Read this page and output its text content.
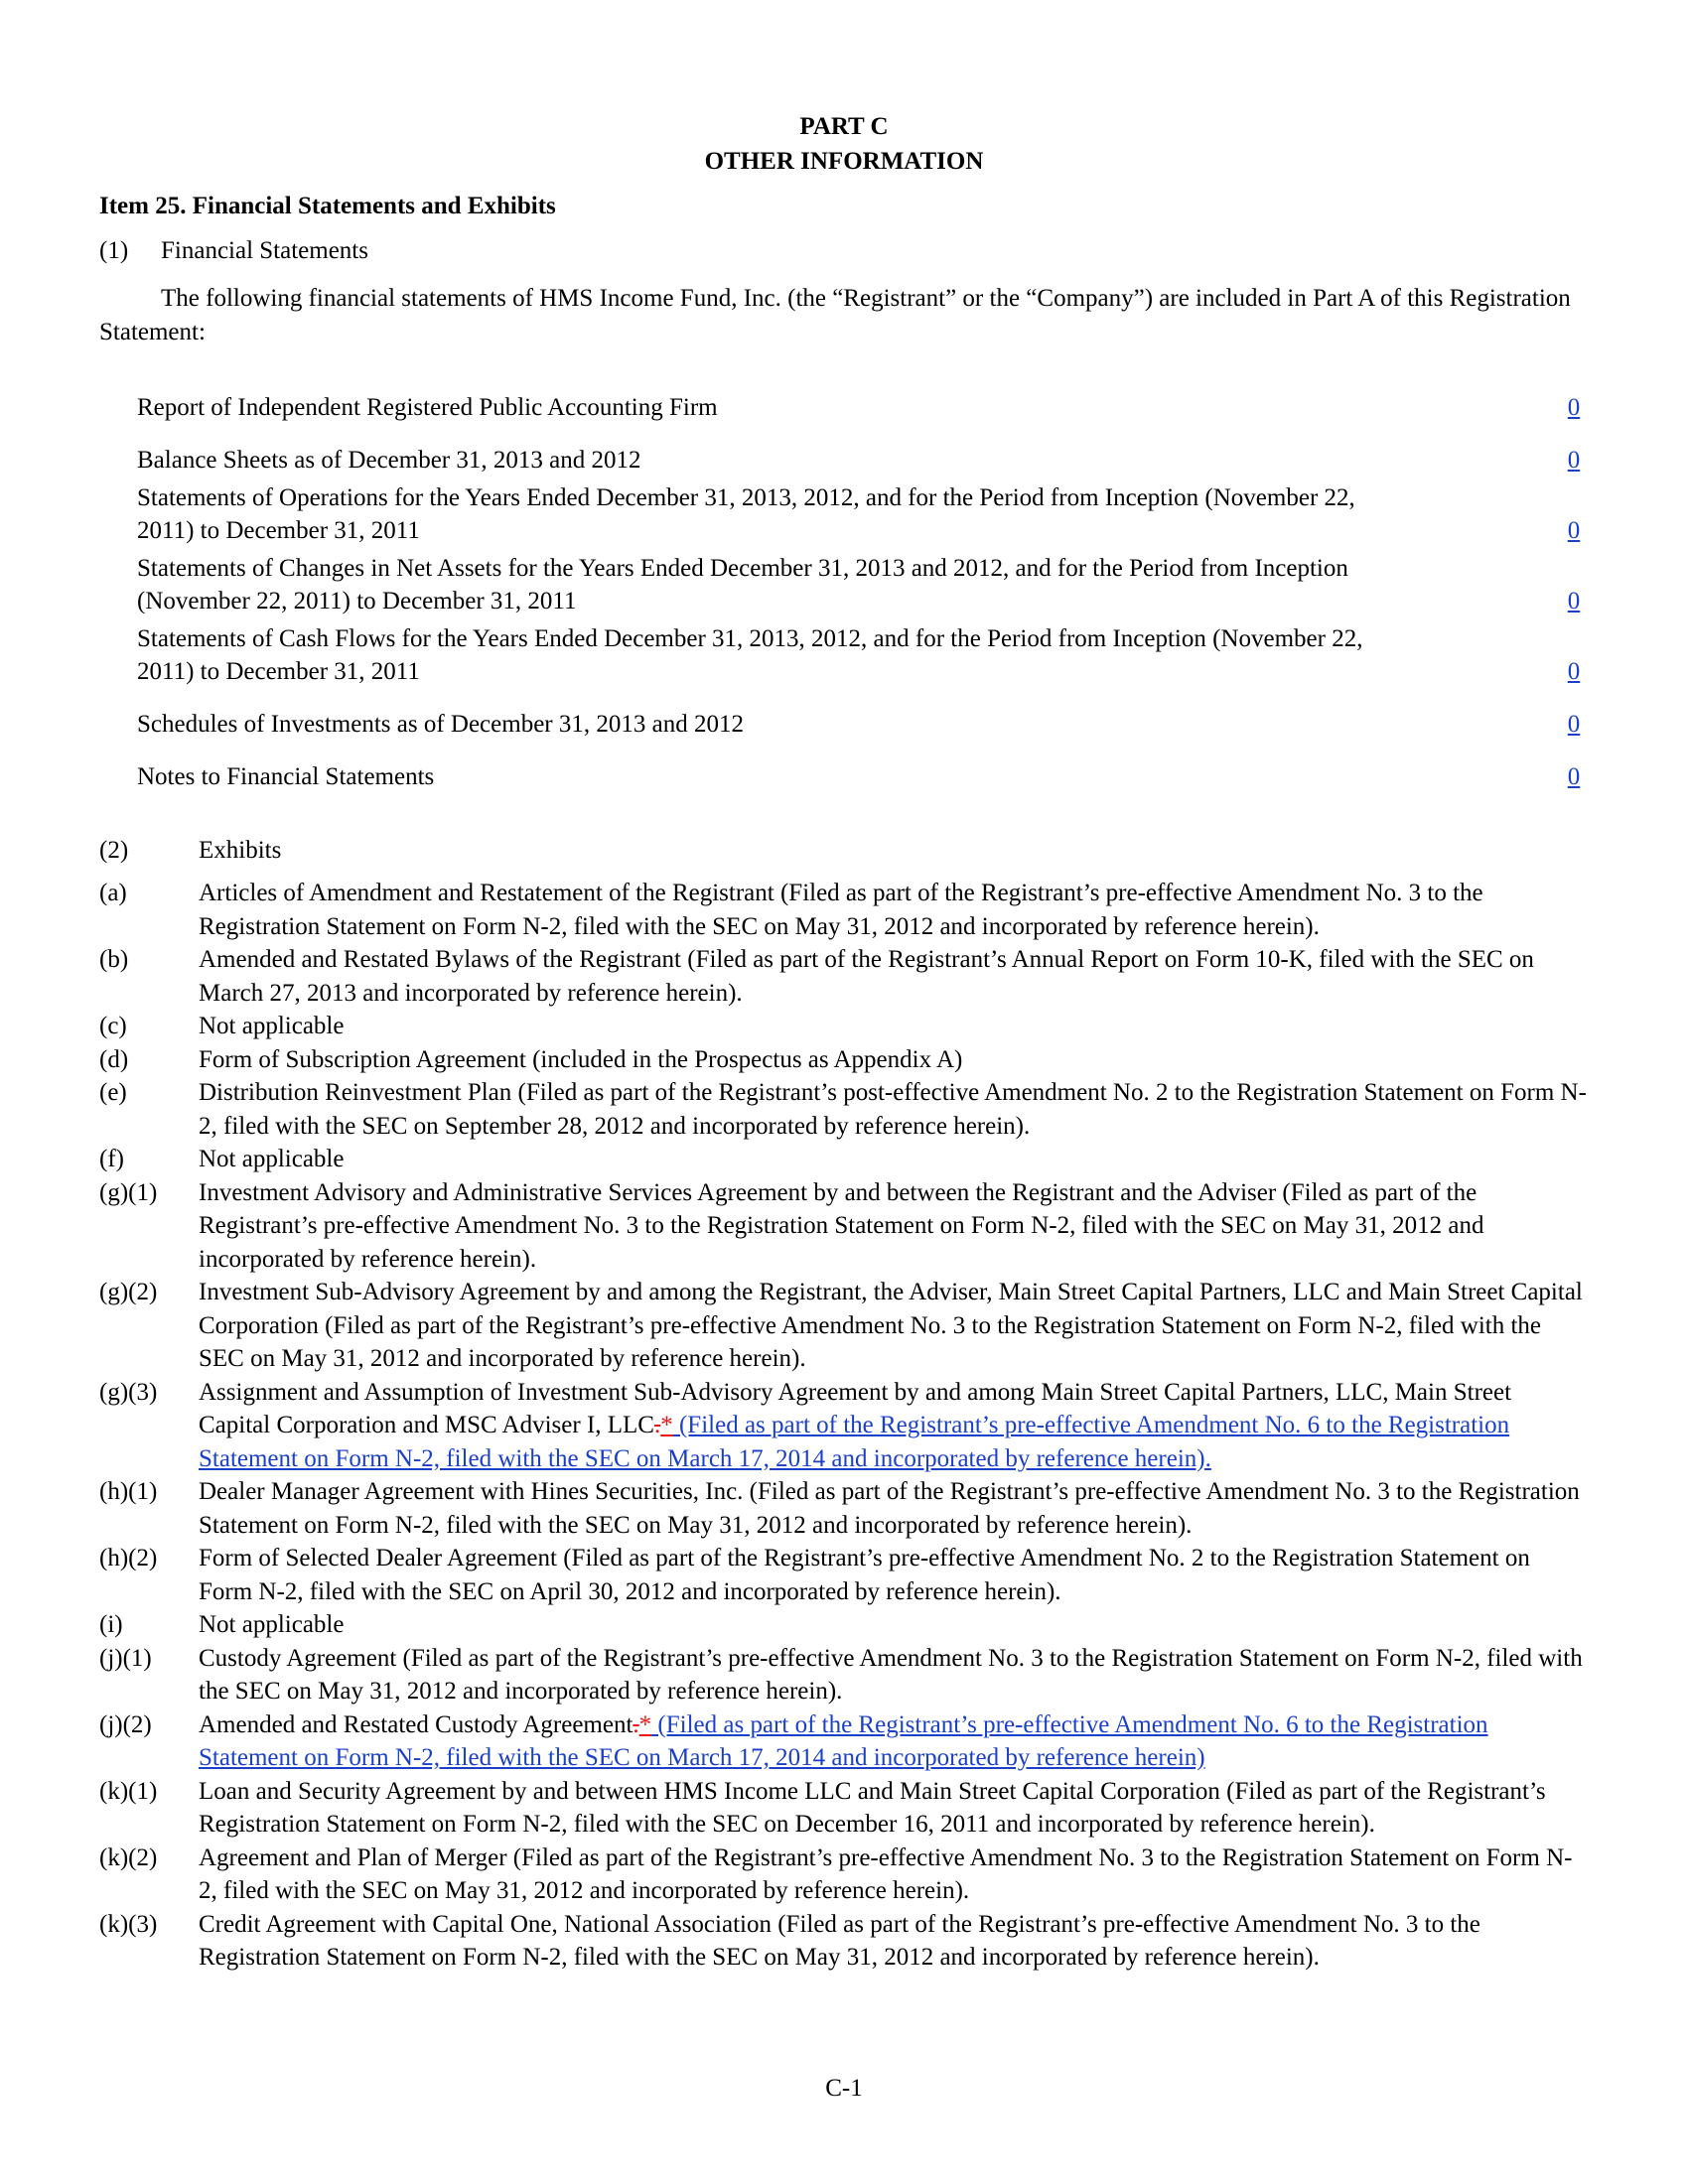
PART C
OTHER INFORMATION
Item 25. Financial Statements and Exhibits
(1)	Financial Statements
The following financial statements of HMS Income Fund, Inc. (the “Registrant” or the “Company”) are included in Part A of this Registration Statement:
Report of Independent Registered Public Accounting Firm	0
Balance Sheets as of December 31, 2013 and 2012	0
Statements of Operations for the Years Ended December 31, 2013, 2012, and for the Period from Inception (November 22, 2011) to December 31, 2011	0
Statements of Changes in Net Assets for the Years Ended December 31, 2013 and 2012, and for the Period from Inception (November 22, 2011) to December 31, 2011	0
Statements of Cash Flows for the Years Ended December 31, 2013, 2012, and for the Period from Inception (November 22, 2011) to December 31, 2011	0
Schedules of Investments as of December 31, 2013 and 2012	0
Notes to Financial Statements	0
(2)	Exhibits
(a)	Articles of Amendment and Restatement of the Registrant (Filed as part of the Registrant’s pre-effective Amendment No. 3 to the Registration Statement on Form N-2, filed with the SEC on May 31, 2012 and incorporated by reference herein).
(b)	Amended and Restated Bylaws of the Registrant (Filed as part of the Registrant’s Annual Report on Form 10-K, filed with the SEC on March 27, 2013 and incorporated by reference herein).
(c)	Not applicable
(d)	Form of Subscription Agreement (included in the Prospectus as Appendix A)
(e)	Distribution Reinvestment Plan (Filed as part of the Registrant’s post-effective Amendment No. 2 to the Registration Statement on Form N-2, filed with the SEC on September 28, 2012 and incorporated by reference herein).
(f)	Not applicable
(g)(1)	Investment Advisory and Administrative Services Agreement by and between the Registrant and the Adviser (Filed as part of the Registrant’s pre-effective Amendment No. 3 to the Registration Statement on Form N-2, filed with the SEC on May 31, 2012 and incorporated by reference herein).
(g)(2)	Investment Sub-Advisory Agreement by and among the Registrant, the Adviser, Main Street Capital Partners, LLC and Main Street Capital Corporation (Filed as part of the Registrant’s pre-effective Amendment No. 3 to the Registration Statement on Form N-2, filed with the SEC on May 31, 2012 and incorporated by reference herein).
(g)(3)	Assignment and Assumption of Investment Sub-Advisory Agreement by and among Main Street Capital Partners, LLC, Main Street Capital Corporation and MSC Adviser I, LLC.* (Filed as part of the Registrant’s pre-effective Amendment No. 6 to the Registration Statement on Form N-2, filed with the SEC on March 17, 2014 and incorporated by reference herein).
(h)(1)	Dealer Manager Agreement with Hines Securities, Inc. (Filed as part of the Registrant’s pre-effective Amendment No. 3 to the Registration Statement on Form N-2, filed with the SEC on May 31, 2012 and incorporated by reference herein).
(h)(2)	Form of Selected Dealer Agreement (Filed as part of the Registrant’s pre-effective Amendment No. 2 to the Registration Statement on Form N-2, filed with the SEC on April 30, 2012 and incorporated by reference herein).
(i)	Not applicable
(j)(1)	Custody Agreement (Filed as part of the Registrant’s pre-effective Amendment No. 3 to the Registration Statement on Form N-2, filed with the SEC on May 31, 2012 and incorporated by reference herein).
(j)(2)	Amended and Restated Custody Agreement.* (Filed as part of the Registrant’s pre-effective Amendment No. 6 to the Registration Statement on Form N-2, filed with the SEC on March 17, 2014 and incorporated by reference herein)
(k)(1)	Loan and Security Agreement by and between HMS Income LLC and Main Street Capital Corporation (Filed as part of the Registrant’s Registration Statement on Form N-2, filed with the SEC on December 16, 2011 and incorporated by reference herein).
(k)(2)	Agreement and Plan of Merger (Filed as part of the Registrant’s pre-effective Amendment No. 3 to the Registration Statement on Form N-2, filed with the SEC on May 31, 2012 and incorporated by reference herein).
(k)(3)	Credit Agreement with Capital One, National Association (Filed as part of the Registrant’s pre-effective Amendment No. 3 to the Registration Statement on Form N-2, filed with the SEC on May 31, 2012 and incorporated by reference herein).
C-1
